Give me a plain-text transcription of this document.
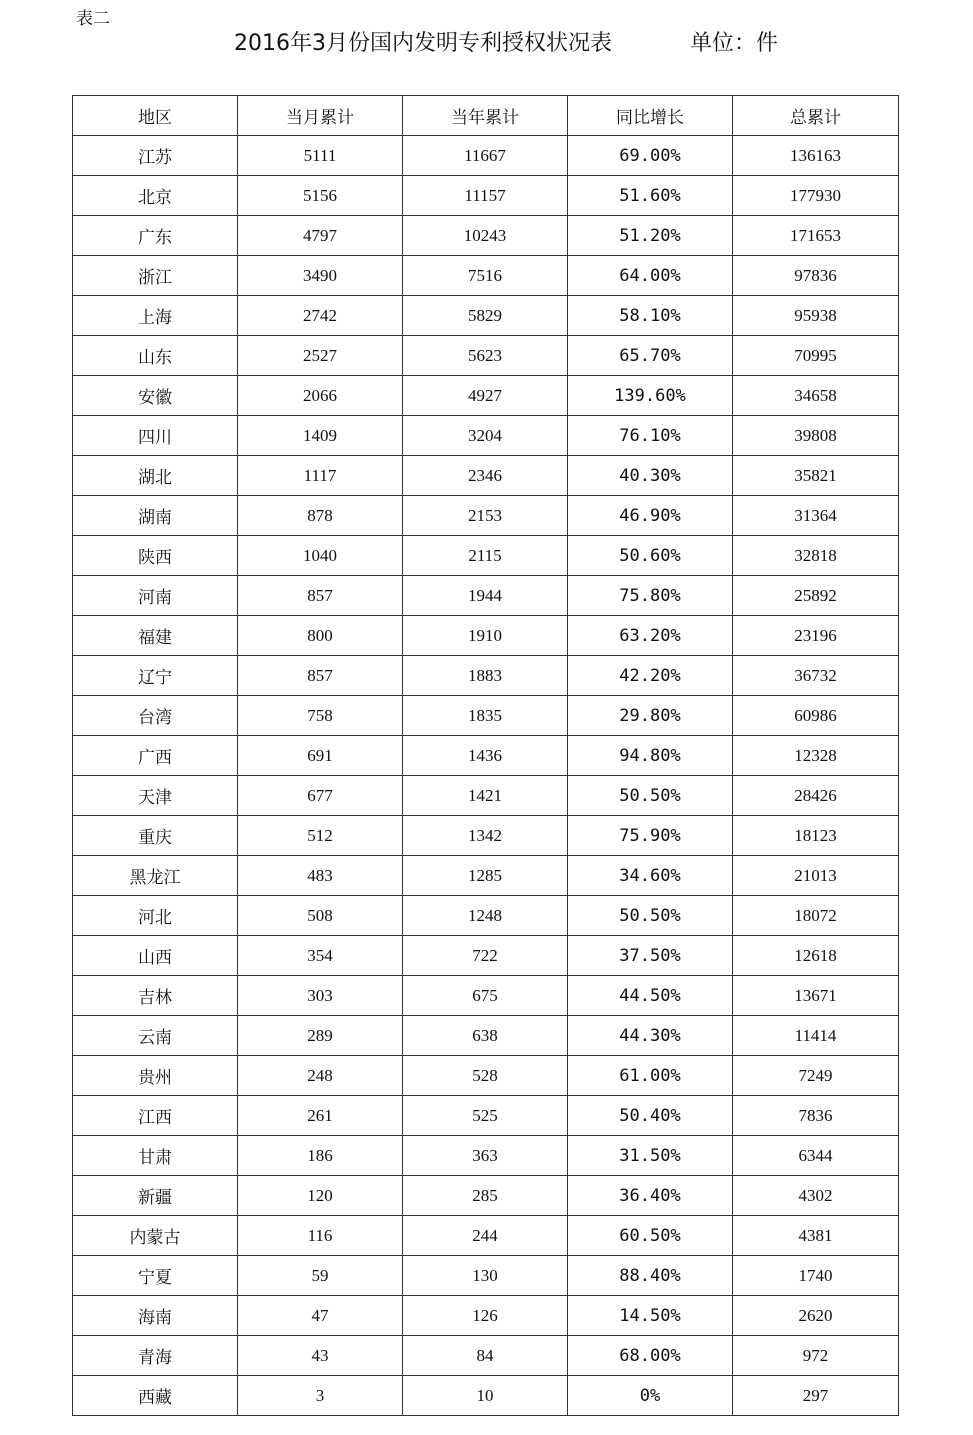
表二
2016年3月份国内发明专利授权状况表	单位：件
地区	当月累计	当年累计	同比增长	总累计
江苏	5111	11667	69.00%	136163
北京	5156	11157	51.60%	177930
广东	4797	10243	51.20%	171653
浙江	3490	7516	64.00%	97836
上海	2742	5829	58.10%	95938
山东	2527	5623	65.70%	70995
安徽	2066	4927	139.60%	34658
四川	1409	3204	76.10%	39808
湖北	1117	2346	40.30%	35821
湖南	878	2153	46.90%	31364
陕西	1040	2115	50.60%	32818
河南	857	1944	75.80%	25892
福建	800	1910	63.20%	23196
辽宁	857	1883	42.20%	36732
台湾	758	1835	29.80%	60986
广西	691	1436	94.80%	12328
天津	677	1421	50.50%	28426
重庆	512	1342	75.90%	18123
黑龙江	483	1285	34.60%	21013
河北	508	1248	50.50%	18072
山西	354	722	37.50%	12618
吉林	303	675	44.50%	13671
云南	289	638	44.30%	11414
贵州	248	528	61.00%	7249
江西	261	525	50.40%	7836
甘肃	186	363	31.50%	6344
新疆	120	285	36.40%	4302
内蒙古	116	244	60.50%	4381
宁夏	59	130	88.40%	1740
海南	47	126	14.50%	2620
青海	43	84	68.00%	972
西藏	3	10	0%	297
